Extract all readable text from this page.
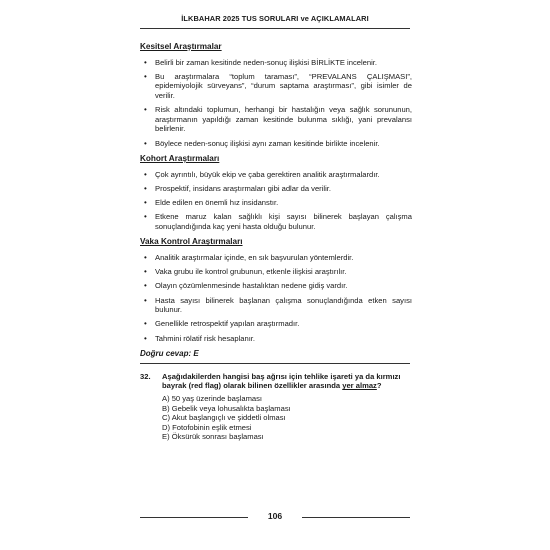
İLKBAHAR 2025 TUS SORULARI ve AÇIKLAMALARI
Kesitsel Araştırmalar
• Belirli bir zaman kesitinde neden-sonuç ilişkisi BİRLİKTE incelenir.
• Bu araştırmalara “toplum taraması”, “PREVALANS ÇALIŞMASI”, epidemiyolojik sürveyans”, “durum saptama araştırması”, gibi isimler de verilir.
• Risk altındaki toplumun, herhangi bir hastalığın veya sağlık sorununun, araştırmanın yapıldığı zaman kesitinde bulunma sıklığı, yani prevalansı belirlenir.
• Böylece neden-sonuç ilişkisi aynı zaman kesitinde birlikte incelenir.
Kohort Araştırmaları
• Çok ayrıntılı, büyük ekip ve çaba gerektiren analitik araştırmalardır.
• Prospektif, insidans araştırmaları gibi adlar da verilir.
• Elde edilen en önemli hız insidanstır.
• Etkene maruz kalan sağlıklı kişi sayısı bilinerek başlayan çalışma sonuçlandığında kaç yeni hasta olduğu bulunur.
Vaka Kontrol Araştırmaları
• Analitik araştırmalar içinde, en sık başvurulan yöntemlerdir.
• Vaka grubu ile kontrol grubunun, etkenle ilişkisi araştırılır.
• Olayın çözümlenmesinde hastalıktan nedene gidiş vardır.
• Hasta sayısı bilinerek başlanan çalışma sonuçlandığında etken sayısı bulunur.
• Genellikle retrospektif yapılan araştırmadır.
• Tahmini rölatif risk hesaplanır.
Doğru cevap: E
32. Aşağıdakilerden hangisi baş ağrısı için tehlike işareti ya da kırmızı bayrak (red flag) olarak bilinen özellikler arasında yer almaz?
A) 50 yaş üzerinde başlaması
B) Gebelik veya lohusalıkta başlaması
C) Akut başlangıçlı ve şiddetli olması
D) Fotofobinin eşlik etmesi
E) Öksürük sonrası başlaması
106
